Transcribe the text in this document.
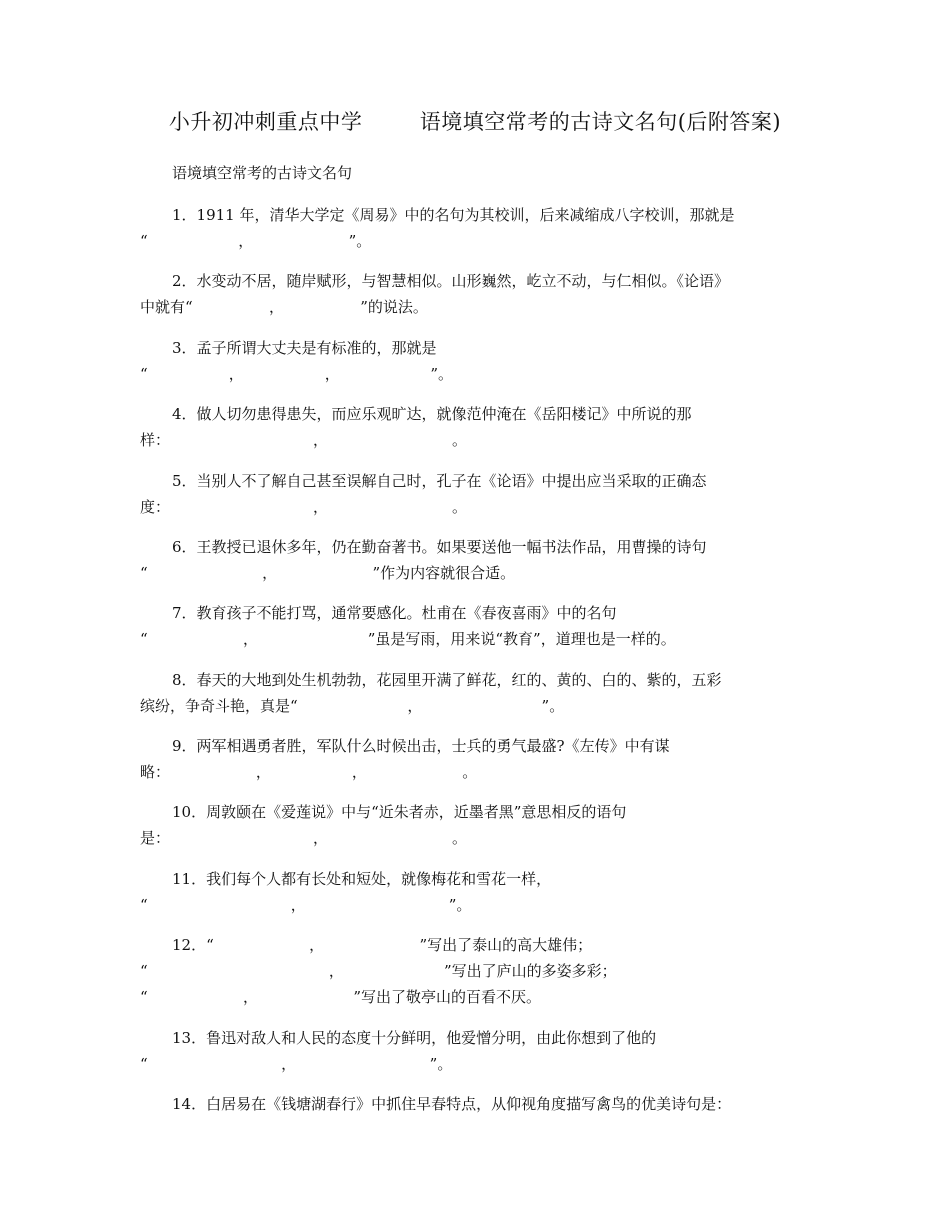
小升初冲刺重点中学        语境填空常考的古诗文名句(后附答案)
语境填空常考的古诗文名句
1．1911 年，清华大学定《周易》中的名句为其校训，后来减缩成八字校训，那就是
“                   ，                    ”。
2．水变动不居，随岸赋形，与智慧相似。山形巍然，屹立不动，与仁相似。《论语》
中就有“                ，                ”的说法。
3．孟子所谓大丈夫是有标准的，那就是
“                 ，                 ，                   ”。
4．做人切勿患得患失，而应乐观旷达，就像范仲淹在《岳阳楼记》中所说的那
样：                              ，                          。
5．当别人不了解自己甚至误解自己时，孔子在《论语》中提出应当采取的正确态
度：                              ，                          。
6．王教授已退休多年，仍在勤奋著书。如果要送他一幅书法作品，用曹操的诗句
“                        ，                    ”作为内容就很合适。
7．教育孩子不能打骂，通常要感化。杜甫在《春夜喜雨》中的名句
“                    ，                       ”虽是写雨，用来说“教育”，道理也是一样的。
8．春天的大地到处生机勃勃，花园里开满了鲜花，红的、黄的、白的、紫的，五彩
缤纷，争奇斗艳，真是“                       ，                         ”。
9．两军相遇勇者胜，军队什么时候出击，士兵的勇气最盛?《左传》中有谋
略：                  ，                 ，                    。
10．周敦颐在《爱莲说》中与“近朱者赤，近墨者黑”意思相反的语句
是：                              ，                          。
11．我们每个人都有长处和短处，就像梅花和雪花一样，
“                              ，                              ”。
12．“                    ，                    ”写出了泰山的高大雄伟；
“                                      ，                     ”写出了庐山的多姿多彩；
“                    ，                    ”写出了敬亭山的百看不厌。
13．鲁迅对敌人和人民的态度十分鲜明，他爱憎分明，由此你想到了他的
“                            ，                            ”。
14．白居易在《钱塘湖春行》中抓住早春特点，从仰视角度描写禽鸟的优美诗句是：
